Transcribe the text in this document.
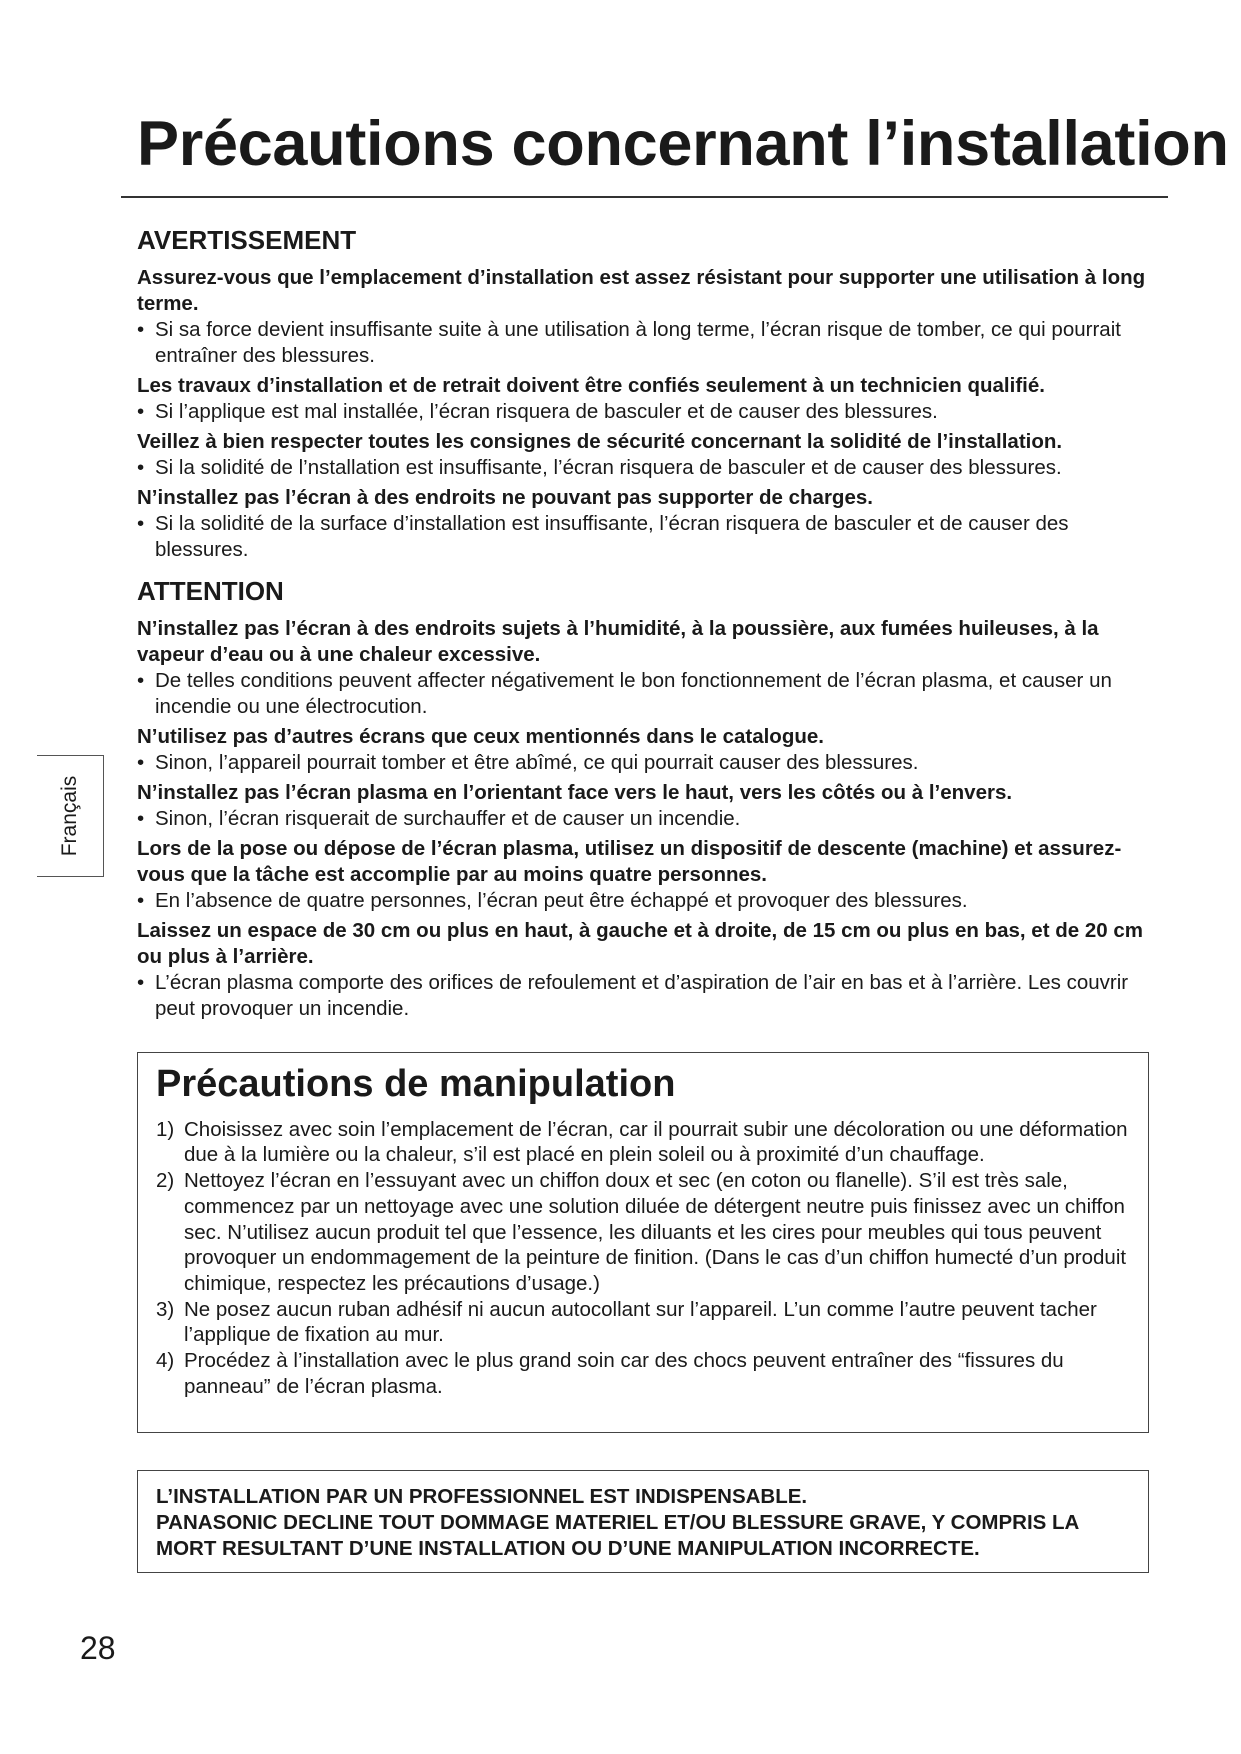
Précautions concernant l’installation
Français
AVERTISSEMENT

Assurez-vous que l’emplacement d’installation est assez résistant pour supporter une utilisation à long terme.

• Si sa force devient insuffisante suite à une utilisation à long terme, l’écran risque de tomber, ce qui pourrait entraîner des blessures.

Les travaux d’installation et de retrait doivent être confiés seulement à un technicien qualifié.

• Si l’applique est mal installée, l’écran risquera de basculer et de causer des blessures.

Veillez à bien respecter toutes les consignes de sécurité concernant la solidité de l’installation.

• Si la solidité de l’nstallation est insuffisante, l’écran risquera de basculer et de causer des blessures.

N’installez pas l’écran à des endroits ne pouvant pas supporter de charges.

• Si la solidité de la surface d’installation est insuffisante, l’écran risquera de basculer et de causer des blessures.

ATTENTION

N’installez pas l’écran à des endroits sujets à l’humidité, à la poussière, aux fumées huileuses, à la vapeur d’eau ou à une chaleur excessive.

• De telles conditions peuvent affecter négativement le bon fonctionnement de l’écran plasma, et causer un incendie ou une électrocution.

N’utilisez pas d’autres écrans que ceux mentionnés dans le catalogue.

• Sinon, l’appareil pourrait tomber et être abîmé, ce qui pourrait causer des blessures.

N’installez pas l’écran plasma en l’orientant face vers le haut, vers les côtés ou à l’envers.

• Sinon, l’écran risquerait de surchauffer et de causer un incendie.

Lors de la pose ou dépose de l’écran plasma, utilisez un dispositif de descente (machine) et assurez-vous que la tâche est accomplie par au moins quatre personnes.

• En l’absence de quatre personnes, l’écran peut être échappé et provoquer des blessures.

Laissez un espace de 30 cm ou plus en haut, à gauche et à droite, de 15 cm ou plus en bas, et de 20 cm ou plus à l’arrière.

• L’écran plasma comporte des orifices de refoulement et d’aspiration de l’air en bas et à l’arrière. Les couvrir peut provoquer un incendie.

Précautions de manipulation

1) Choisissez avec soin l’emplacement de l’écran, car il pourrait subir une décoloration ou une déformation due à la lumière ou la chaleur, s’il est placé en plein soleil ou à proximité d’un chauffage.

2) Nettoyez l’écran en l’essuyant avec un chiffon doux et sec (en coton ou flanelle). S’il est très sale, commencez par un nettoyage avec une solution diluée de détergent neutre puis finissez avec un chiffon sec. N’utilisez aucun produit tel que l’essence, les diluants et les cires pour meubles qui tous peuvent provoquer un endommagement de la peinture de finition. (Dans le cas d’un chiffon humecté d’un produit chimique, respectez les précautions d’usage.)

3) Ne posez aucun ruban adhésif ni aucun autocollant sur l’appareil. L’un comme l’autre peuvent tacher l’applique de fixation au mur.

4) Procédez à l’installation avec le plus grand soin car des chocs peuvent entraîner des “fissures du panneau” de l’écran plasma.

L’INSTALLATION PAR UN PROFESSIONNEL EST INDISPENSABLE.

PANASONIC DECLINE TOUT DOMMAGE MATERIEL ET/OU BLESSURE GRAVE, Y COMPRIS LA MORT RESULTANT D’UNE INSTALLATION OU D’UNE MANIPULATION INCORRECTE.

28
